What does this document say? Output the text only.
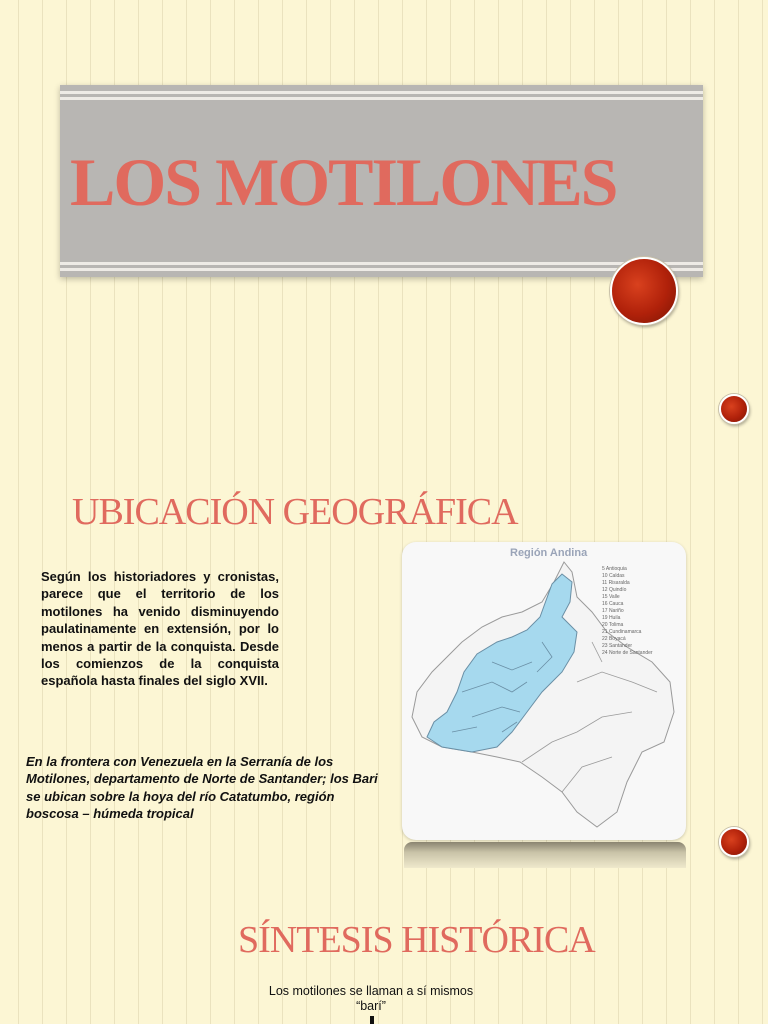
LOS MOTILONES
UBICACIÓN GEOGRÁFICA

Según los historiadores y cronistas, parece que el territorio de los motilones ha venido disminuyendo paulatinamente en extensión, por lo menos a partir de la conquista. Desde los comienzos de la conquista española hasta finales del siglo XVII.

En la frontera con Venezuela en la Serranía de los Motilones, departamento de Norte de Santander; los Bari se ubican sobre la hoya del río Catatumbo, región boscosa – húmeda tropical

Región Andina
5 Antioquia
10 Caldas
11 Risaralda
12 Quindío
15 Valle
16 Cauca
17 Nariño
19 Huila
20 Tolima
21 Cundinamarca
22 Boyacá
23 Santander
24 Norte de Santander
SÍNTESIS HISTÓRICA

Los motilones se llaman a sí mismos
“barí”
